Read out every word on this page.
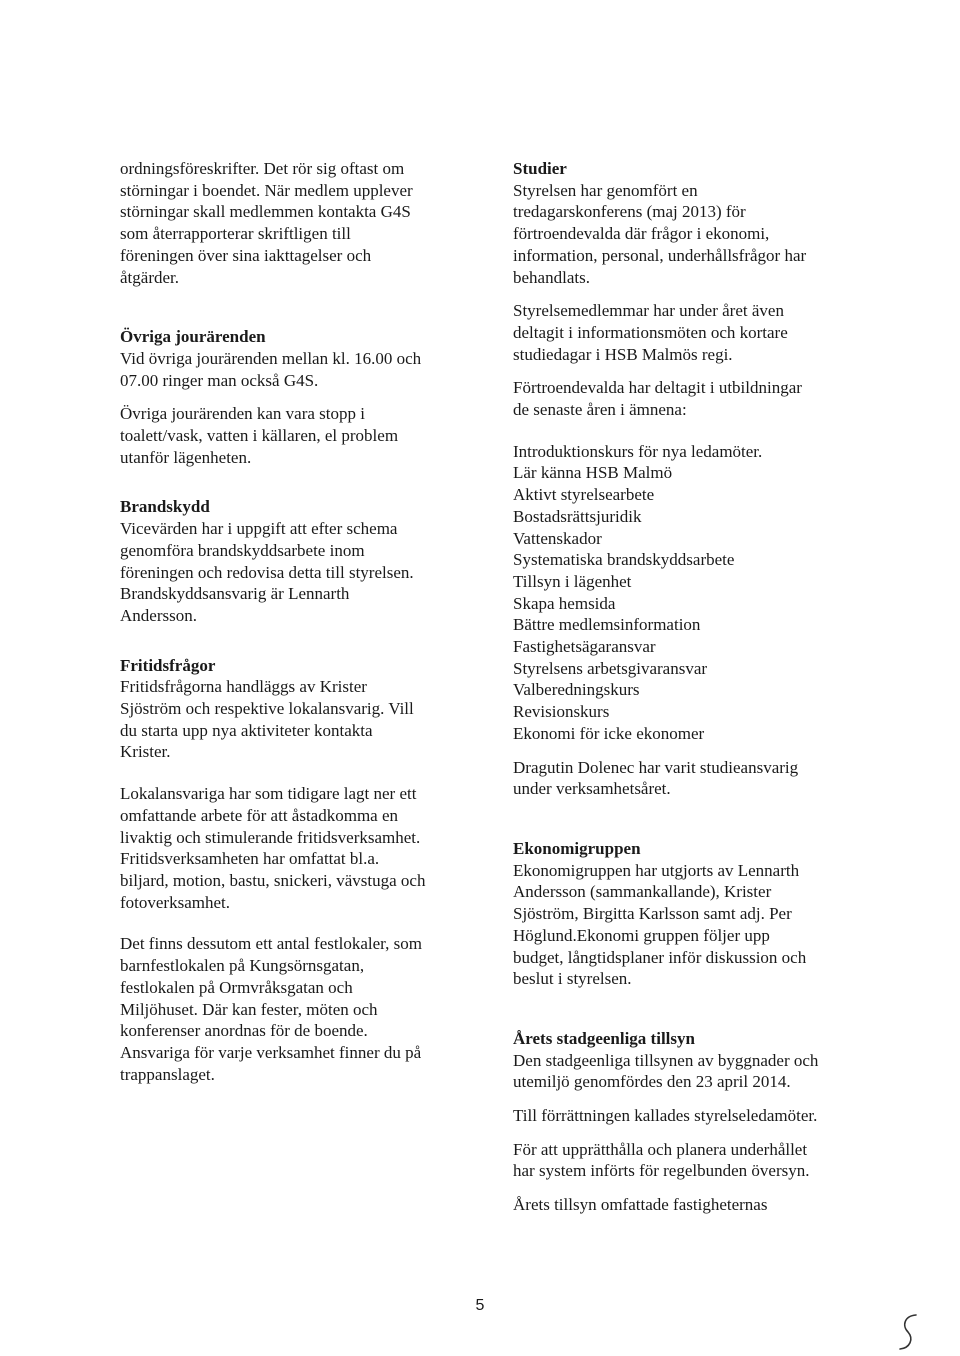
ordningsföreskrifter. Det rör sig oftast om
störningar i boendet. När medlem upplever
störningar skall medlemmen kontakta G4S
som återrapporterar skriftligen till
föreningen över sina iakttagelser och
åtgärder.

Övriga jourärenden

Vid övriga jourärenden mellan kl. 16.00 och
07.00 ringer man också G4S.

Övriga jourärenden kan vara stopp i
toalett/vask, vatten i källaren, el problem
utanför lägenheten.

Brandskydd

Vicevärden har i uppgift att efter schema
genomföra brandskyddsarbete inom
föreningen och redovisa detta till styrelsen.
Brandskyddsansvarig är Lennarth
Andersson.

Fritidsfrågor

Fritidsfrågorna handläggs av Krister
Sjöström och respektive lokalansvarig. Vill
du starta upp nya aktiviteter kontakta
Krister.

Lokalansvariga har som tidigare lagt ner ett
omfattande arbete för att åstadkomma en
livaktig och stimulerande fritidsverksamhet.
Fritidsverksamheten har omfattat bl.a.
biljard, motion, bastu, snickeri, vävstuga och
fotoverksamhet.

Det finns dessutom ett antal festlokaler, som
barnfestlokalen på Kungsörnsgatan,
festlokalen på Ormvråksgatan och
Miljöhuset. Där kan fester, möten och
konferenser anordnas för de boende.
Ansvariga för varje verksamhet finner du på
trappanslaget.

Studier

Styrelsen har genomfört en
tredagarskonferens (maj 2013) för
förtroendevalda där frågor i ekonomi,
information, personal, underhållsfrågor har
behandlats.

Styrelsemedlemmar har under året även
deltagit i informationsmöten och kortare
studiedagar i HSB Malmös regi.

Förtroendevalda har deltagit i utbildningar
de senaste åren i ämnena:

Introduktionskurs för nya ledamöter.
Lär känna HSB Malmö
Aktivt styrelsearbete
Bostadsrättsjuridik
Vattenskador
Systematiska brandskyddsarbete
Tillsyn i lägenhet
Skapa hemsida
Bättre medlemsinformation
Fastighetsägaransvar
Styrelsens arbetsgivaransvar
Valberedningskurs
Revisionskurs
Ekonomi för icke ekonomer

Dragutin Dolenec har varit studieansvarig
under verksamhetsåret.

Ekonomigruppen

Ekonomigruppen har utgjorts av Lennarth
Andersson (sammankallande), Krister
Sjöström, Birgitta Karlsson samt adj. Per
Höglund.Ekonomi gruppen följer upp
budget, långtidsplaner inför diskussion och
beslut i styrelsen.

Årets stadgeenliga tillsyn

Den stadgeenliga tillsynen av byggnader och
utemiljö genomfördes den 23 april 2014.

Till förrättningen kallades styrelseledamöter.

För att upprätthålla och planera underhållet
har system införts för regelbunden översyn.

Årets tillsyn omfattade fastigheternas

5
